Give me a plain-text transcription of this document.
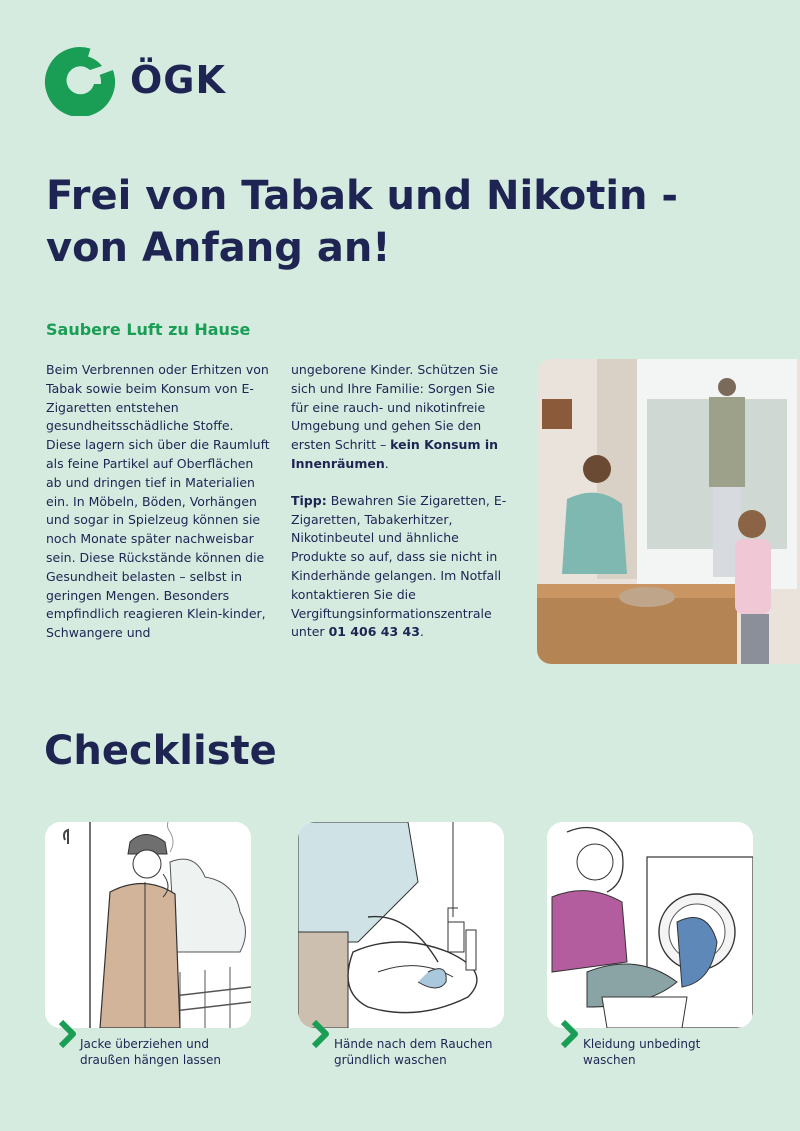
ÖGK
Frei von Tabak und Nikotin - von Anfang an!
Saubere Luft zu Hause

Beim Verbrennen oder Erhitzen von Tabak sowie beim Konsum von E-Zigaretten entstehen gesundheitsschädliche Stoffe. Diese lagern sich über die Raumluft als feine Partikel auf Oberflächen ab und dringen tief in Materialien ein. In Möbeln, Böden, Vorhängen und sogar in Spielzeug können sie noch Monate später nachweisbar sein. Diese Rückstände können die Gesundheit belasten – selbst in geringen Mengen. Besonders empfindlich reagieren Klein-kinder, Schwangere und

ungeborene Kinder. Schützen Sie sich und Ihre Familie: Sorgen Sie für eine rauch- und nikotinfreie Umgebung und gehen Sie den ersten Schritt – kein Konsum in Innenräumen.

Tipp: Bewahren Sie Zigaretten, E-Zigaretten, Tabakerhitzer, Nikotinbeutel und ähnliche Produkte so auf, dass sie nicht in Kinderhände gelangen. Im Notfall kontaktieren Sie die Vergiftungsinformationszentrale unter 01 406 43 43.

Checkliste
Jacke überziehen und draußen hängen lassen
Hände nach dem Rauchen gründlich waschen
Kleidung unbedingt waschen
